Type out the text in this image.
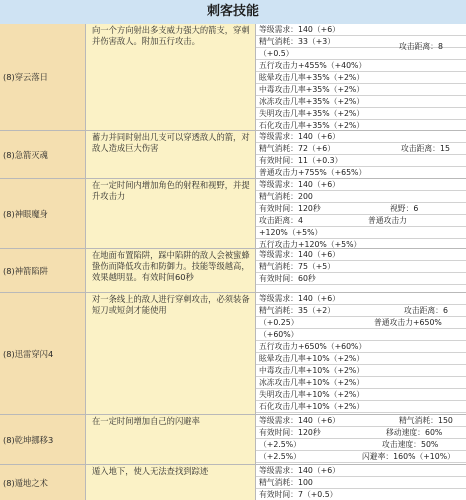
刺客技能
(8)穿云落日
向一个方向射出多支威力强大的箭支，穿刺并伤害敌人。附加五行攻击。
等级需求：140（+6）
精气消耗：33（+3）
（+0.5）
五行攻击力+455%（+40%）
眩晕攻击几率+35%（+2%）
中毒攻击几率+35%（+2%）
冰冻攻击几率+35%（+2%）
失明攻击几率+35%（+2%）
石化攻击几率+35%（+2%）
攻击距离：8
(8)急箭灭魂
蓄力并同时射出几支可以穿透敌人的箭，对敌人造成巨大伤害
等级需求：140（+6）
精气消耗：72（+6）
有效时间：11（+0.3）
普通攻击力+755%（+65%）
攻击距离：15
(8)神眼魔身
在一定时间内增加角色的射程和视野，并提升攻击力
等级需求：140（+6）
精气消耗：200
有效时间：120秒
攻击距离：4
+120%（+5%）
五行攻击力+120%（+5%）
视野：6
普通攻击力
(8)神箭陷阱
在地面布置陷阱，踩中陷阱的敌人会被蜜蜂蛰伤而降低攻击和防御力。技能等级越高，效果越明显。有效时间60秒
等级需求：140（+6）
精气消耗：75（+5）
有效时间：60秒
(8)迅雷穿闪4
对一条线上的敌人进行穿刺攻击，必须装备短刀或短剑才能使用
等级需求：140（+6）
精气消耗：35（+2）
（+0.25）
（+60%）
五行攻击力+650%（+60%）
眩晕攻击几率+10%（+2%）
中毒攻击几率+10%（+2%）
冰冻攻击几率+10%（+2%）
失明攻击几率+10%（+2%）
石化攻击几率+10%（+2%）
攻击距离：6
普通攻击力+650%
(8)乾坤挪移3
在一定时间增加自己的闪避率	等级需求：140（+6）
有效时间：120秒
（+2.5%）
（+2.5%）
精气消耗：150
移动速度：60%
攻击速度：50%
闪避率：160%（+10%）
(8)遁地之术
遁入地下，使人无法查找到踪迹	等级需求：140（+6）
精气消耗：100
有效时间：7（+0.5）
